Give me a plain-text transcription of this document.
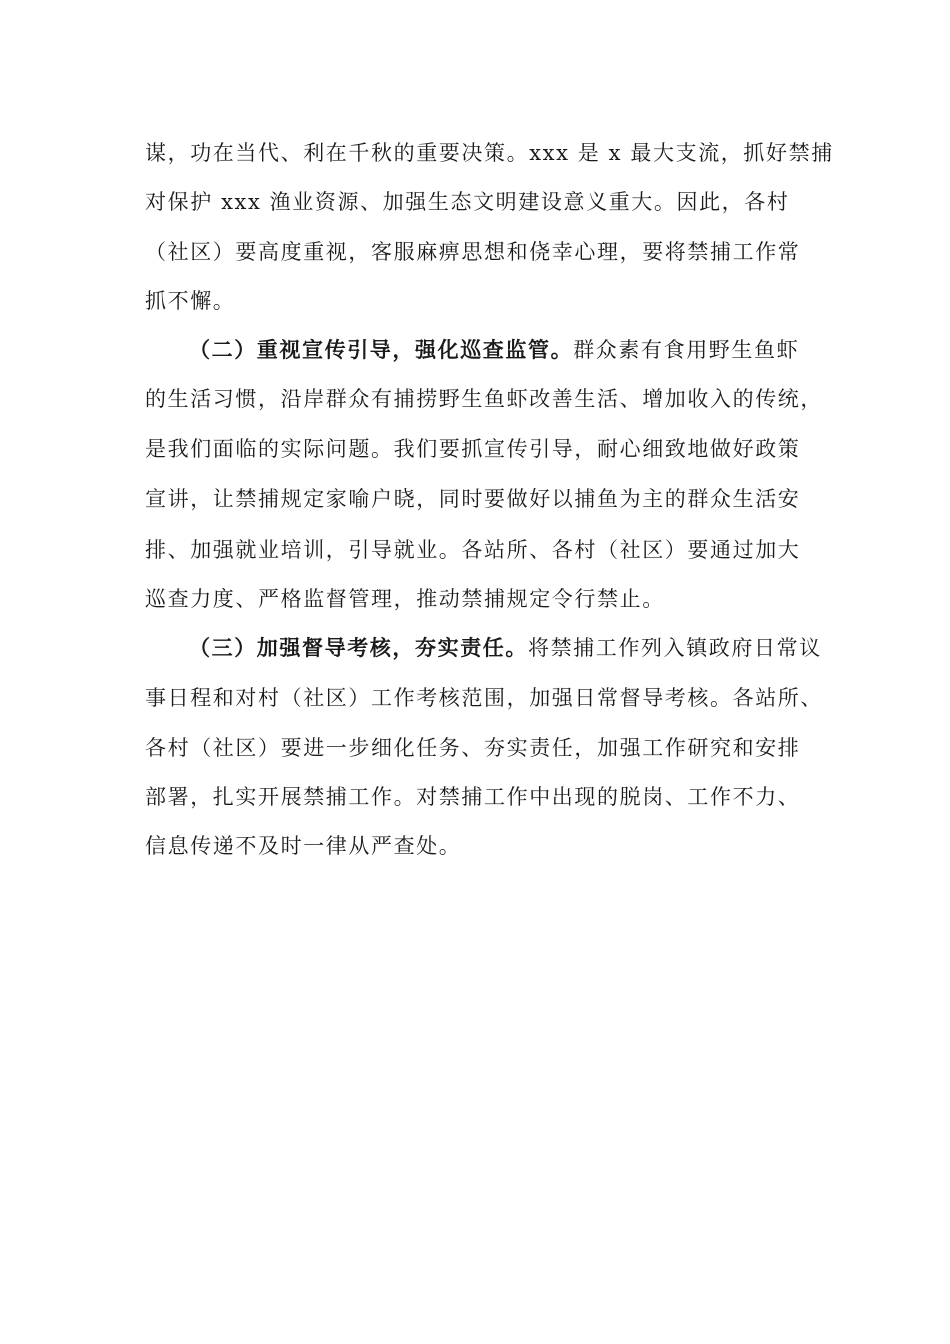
谋，功在当代、利在千秋的重要决策。xxx 是 x 最大支流，抓好禁捕
对保护 xxx 渔业资源、加强生态文明建设意义重大。因此，各村
（社区）要高度重视，客服麻痹思想和侥幸心理，要将禁捕工作常
抓不懈。
（二）重视宣传引导，强化巡查监管。群众素有食用野生鱼虾
的生活习惯，沿岸群众有捕捞野生鱼虾改善生活、增加收入的传统，
是我们面临的实际问题。我们要抓宣传引导，耐心细致地做好政策
宣讲，让禁捕规定家喻户晓，同时要做好以捕鱼为主的群众生活安
排、加强就业培训，引导就业。各站所、各村（社区）要通过加大
巡查力度、严格监督管理，推动禁捕规定令行禁止。
（三）加强督导考核，夯实责任。将禁捕工作列入镇政府日常议
事日程和对村（社区）工作考核范围，加强日常督导考核。各站所、
各村（社区）要进一步细化任务、夯实责任，加强工作研究和安排
部署，扎实开展禁捕工作。对禁捕工作中出现的脱岗、工作不力、
信息传递不及时一律从严查处。
